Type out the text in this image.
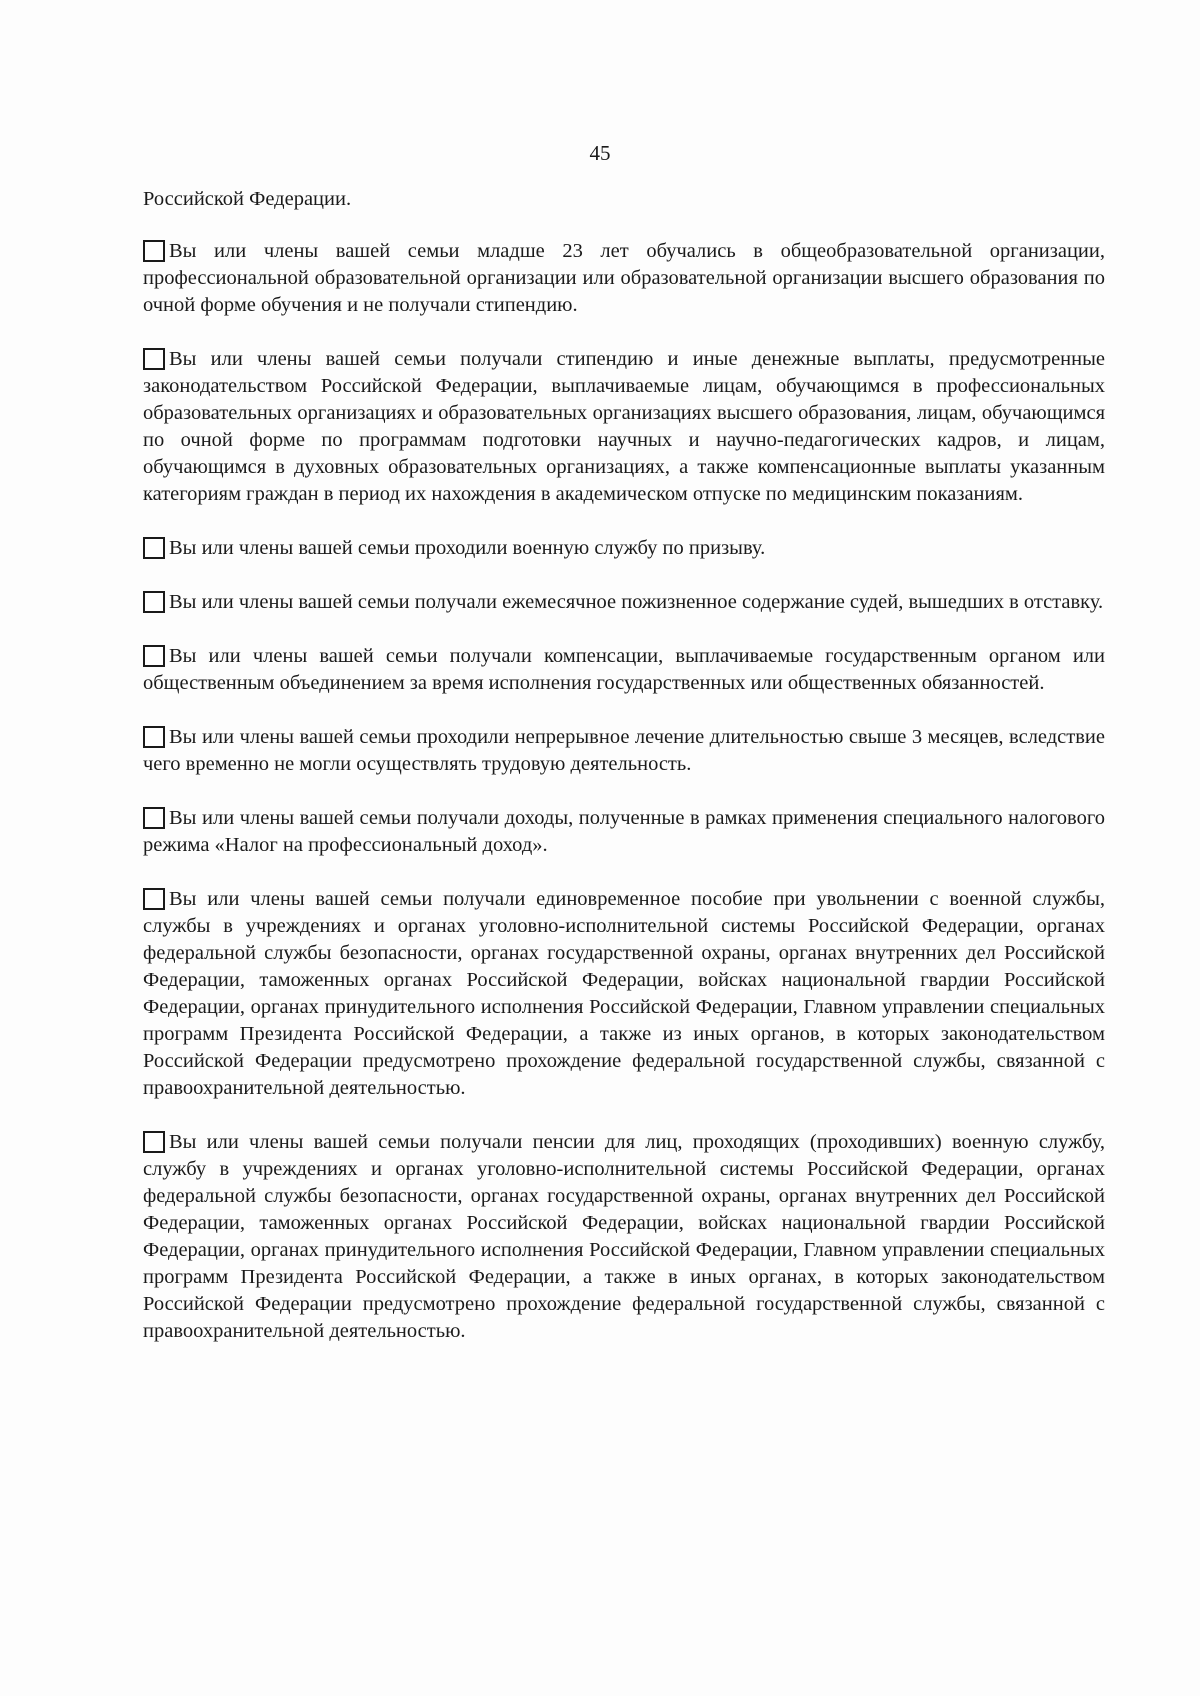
45
Российской Федерации.
Вы или члены вашей семьи младше 23 лет обучались в общеобразовательной организации, профессиональной образовательной организации или образовательной организации высшего образования по очной форме обучения и не получали стипендию.
Вы или члены вашей семьи получали стипендию и иные денежные выплаты, предусмотренные законодательством Российской Федерации, выплачиваемые лицам, обучающимся в профессиональных образовательных организациях и образовательных организациях высшего образования, лицам, обучающимся по очной форме по программам подготовки научных и научно-педагогических кадров, и лицам, обучающимся в духовных образовательных организациях, а также компенсационные выплаты указанным категориям граждан в период их нахождения в академическом отпуске по медицинским показаниям.
Вы или члены вашей семьи проходили военную службу по призыву.
Вы или члены вашей семьи получали ежемесячное пожизненное содержание судей, вышедших в отставку.
Вы или члены вашей семьи получали компенсации, выплачиваемые государственным органом или общественным объединением за время исполнения государственных или общественных обязанностей.
Вы или члены вашей семьи проходили непрерывное лечение длительностью свыше 3 месяцев, вследствие чего временно не могли осуществлять трудовую деятельность.
Вы или члены вашей семьи получали доходы, полученные в рамках применения специального налогового режима «Налог на профессиональный доход».
Вы или члены вашей семьи получали единовременное пособие при увольнении с военной службы, службы в учреждениях и органах уголовно-исполнительной системы Российской Федерации, органах федеральной службы безопасности, органах государственной охраны, органах внутренних дел Российской Федерации, таможенных органах Российской Федерации, войсках национальной гвардии Российской Федерации, органах принудительного исполнения Российской Федерации, Главном управлении специальных программ Президента Российской Федерации, а также из иных органов, в которых законодательством Российской Федерации предусмотрено прохождение федеральной государственной службы, связанной с правоохранительной деятельностью.
Вы или члены вашей семьи получали пенсии для лиц, проходящих (проходивших) военную службу, службу в учреждениях и органах уголовно-исполнительной системы Российской Федерации, органах федеральной службы безопасности, органах государственной охраны, органах внутренних дел Российской Федерации, таможенных органах Российской Федерации, войсках национальной гвардии Российской Федерации, органах принудительного исполнения Российской Федерации, Главном управлении специальных программ Президента Российской Федерации, а также в иных органах, в которых законодательством Российской Федерации предусмотрено прохождение федеральной государственной службы, связанной с правоохранительной деятельностью.
